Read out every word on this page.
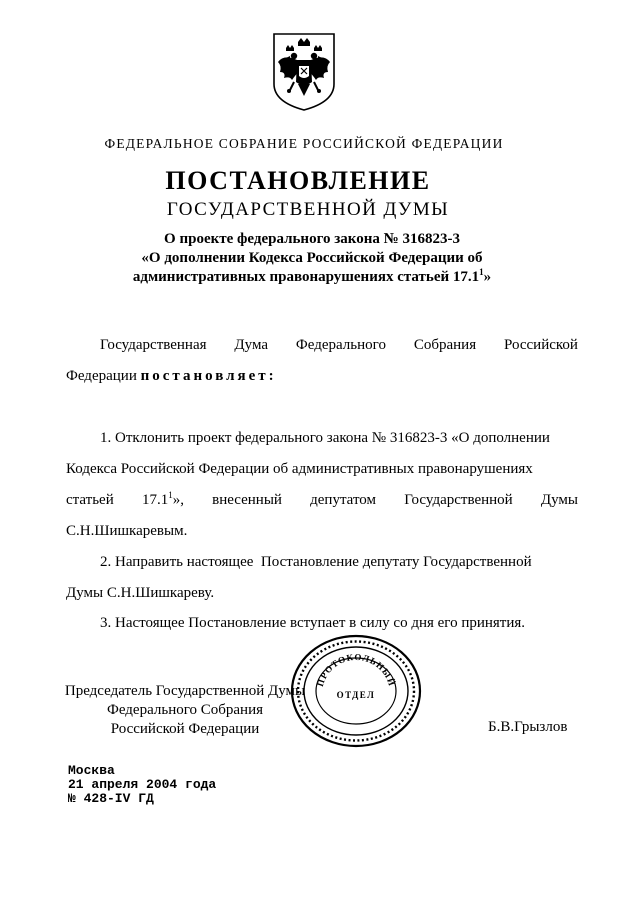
ФЕДЕРАЛЬНОЕ СОБРАНИЕ РОССИЙСКОЙ ФЕДЕРАЦИИ
ПОСТАНОВЛЕНИЕ
ГОСУДАРСТВЕННОЙ ДУМЫ
О проекте федерального закона № 316823-3
«О дополнении Кодекса Российской Федерации об
административных правонарушениях статьей 17.1$^1$»
Государственная Дума Федерального Собрания Российской
Федерации постановляет:
1. Отклонить проект федерального закона № 316823-3 «О дополнении
Кодекса Российской Федерации об административных правонарушениях
статьей 17.1$^1$», внесенный депутатом Государственной Думы
С.Н.Шишкаревым.
2. Направить настоящее  Постановление депутату Государственной
Думы С.Н.Шишкареву.
3. Настоящее Постановление вступает в силу со дня его принятия.
ПРОТОКОЛЬНЫЙ
ОТДЕЛ
Председатель Государственной Думы
Федерального Собрания
Российской Федерации	Б.В.Грызлов
Москва
21 апреля 2004 года
№ 428-IV ГД
